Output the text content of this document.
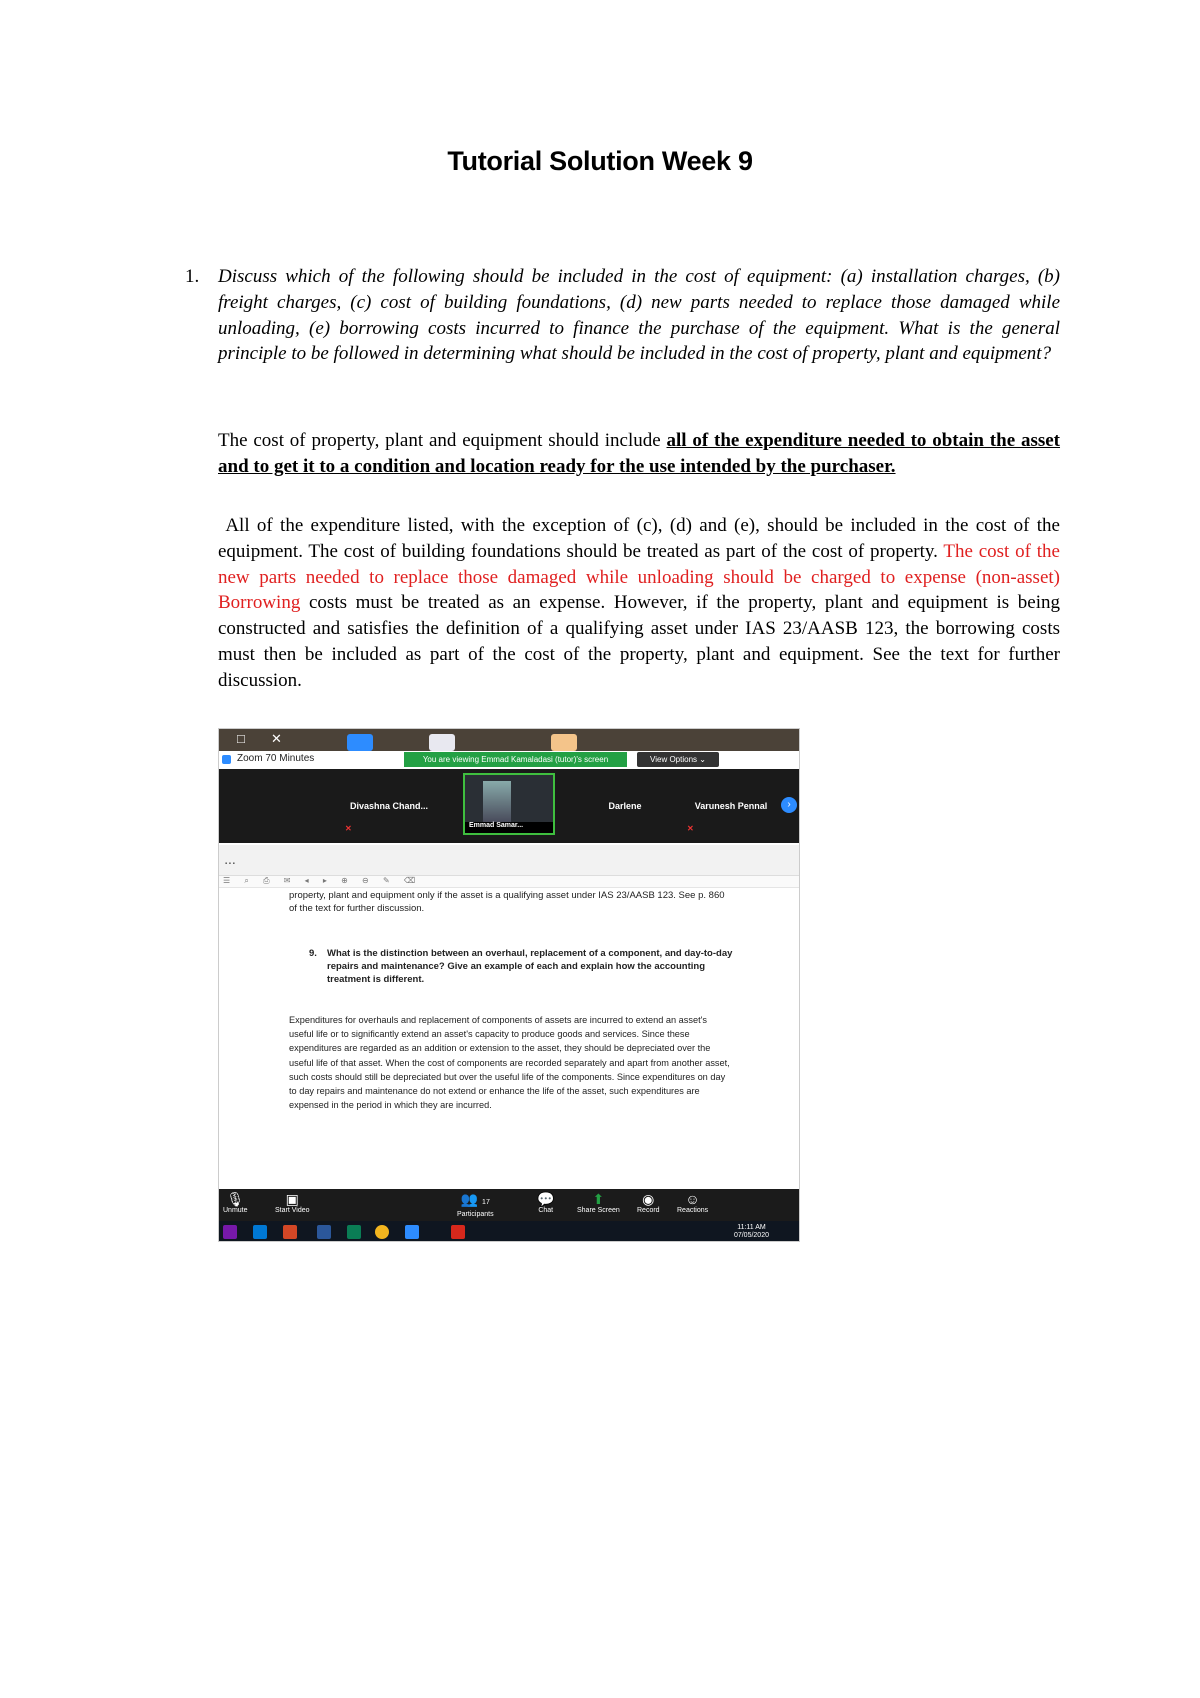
Tutorial Solution Week 9
1. Discuss which of the following should be included in the cost of equipment: (a) installation charges, (b) freight charges, (c) cost of building foundations, (d) new parts needed to replace those damaged while unloading, (e) borrowing costs incurred to finance the purchase of the equipment. What is the general principle to be followed in determining what should be included in the cost of property, plant and equipment?

The cost of property, plant and equipment should include all of the expenditure needed to obtain the asset and to get it to a condition and location ready for the use intended by the purchaser.

All of the expenditure listed, with the exception of (c), (d) and (e), should be included in the cost of the equipment. The cost of building foundations should be treated as part of the cost of property. The cost of the new parts needed to replace those damaged while unloading should be charged to expense (non-asset) Borrowing costs must be treated as an expense. However, if the property, plant and equipment is being constructed and satisfies the definition of a qualifying asset under IAS 23/AASB 123, the borrowing costs must then be included as part of the cost of the property, plant and equipment. See the text for further discussion.

□ ✕
Zoom 70 Minutes	You are viewing Emmad Kamaladasi (tutor)'s screen	View Options ⌄
Divashna Chand...
✕	Emmad Samar...
Darlene	Varunesh Pennal
✕
›
▪ ▪ ▪
☰ ⌕ ⎙ ✉ ◂ ▸ ⊕ ⊖ ✎ ⌫

property, plant and equipment only if the asset is a qualifying asset under IAS 23/AASB 123. See p. 860 of the text for further discussion.

9. What is the distinction between an overhaul, replacement of a component, and day-to-day repairs and maintenance? Give an example of each and explain how the accounting treatment is different.

Expenditures for overhauls and replacement of components of assets are incurred to extend an asset's useful life or to significantly extend an asset's capacity to produce goods and services. Since these expenditures are regarded as an addition or extension to the asset, they should be depreciated over the useful life of that asset. When the cost of components are recorded separately and apart from another asset, such costs should still be depreciated but over the useful life of the components. Since expenditures on day to day repairs and maintenance do not extend or enhance the life of the asset, such expenditures are expensed in the period in which they are incurred.

🎙
Unmute
▣
Start Video
👥 17
Participants
💬
Chat
⬆
Share Screen
◉
Record
☺
Reactions
11:11 AM
07/05/2020
